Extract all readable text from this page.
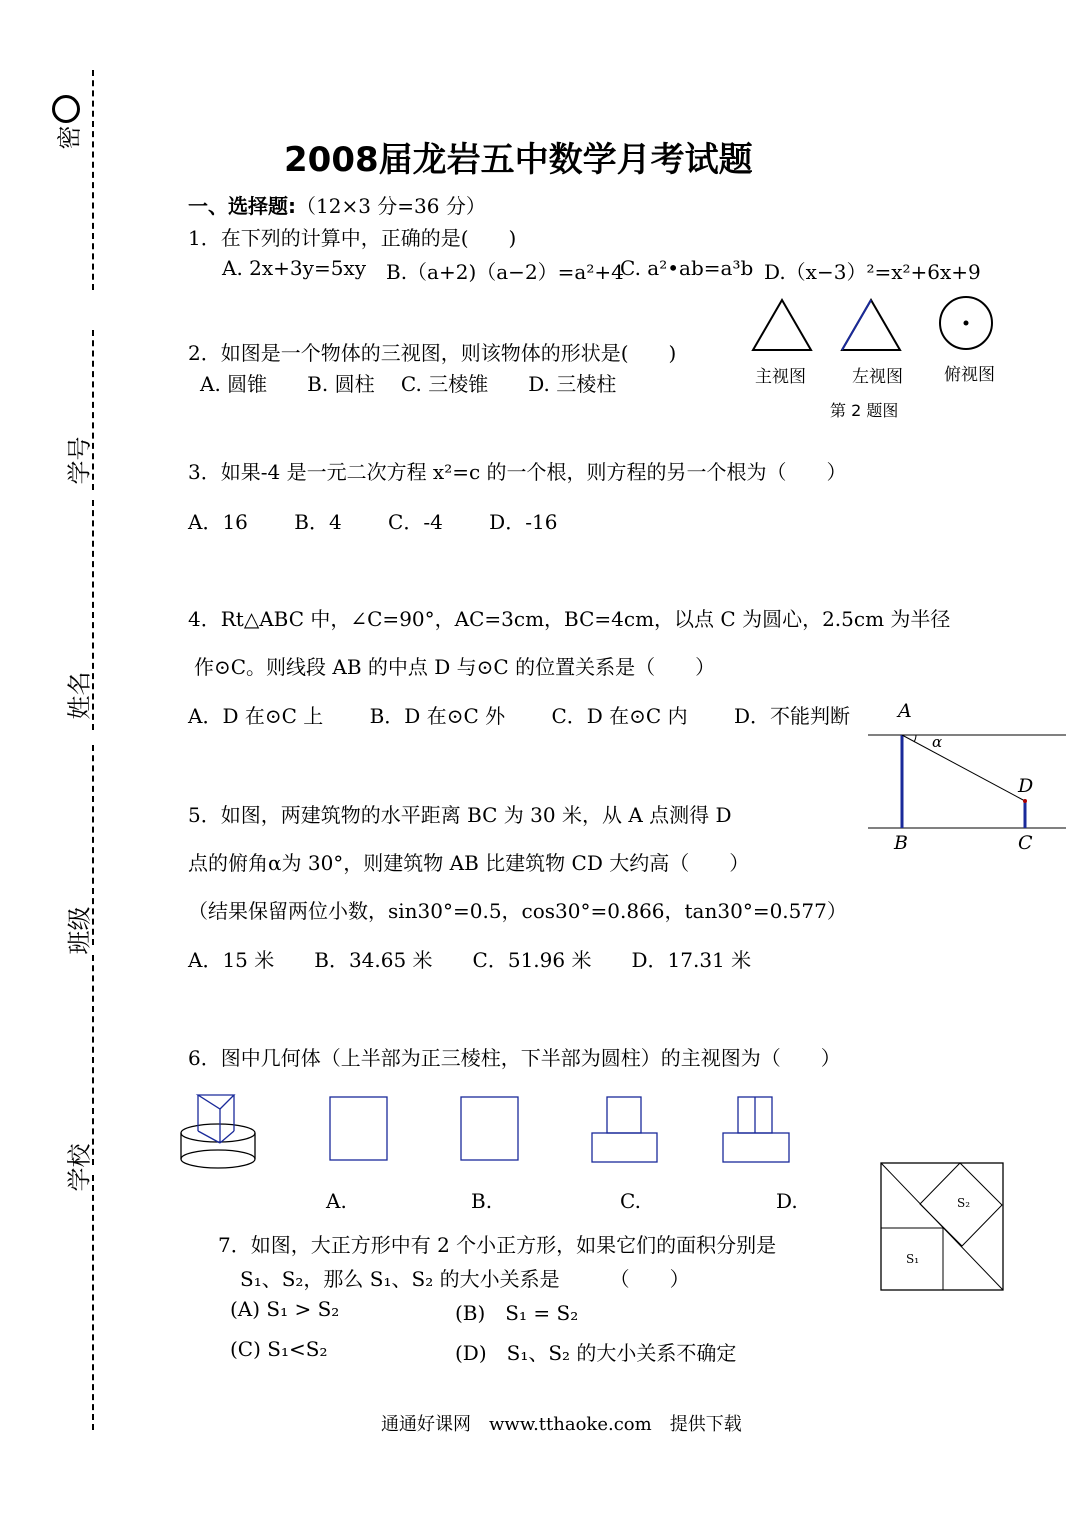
密
学号
姓名
班级
学校
2008届龙岩五中数学月考试题
一、选择题:（12×3 分=36 分）
1．在下列的计算中，正确的是(　　)
A. 2x+3y=5xy B.（a+2)（a−2）=a²+4
C. a²•ab=a³b D.（x−3）²=x²+6x+9
2．如图是一个物体的三视图，则该物体的形状是(　　)
A. 圆锥　　B. 圆柱　 C. 三棱锥　　D. 三棱柱	主视图	左视图 俯视图
第 2 题图
3．如果-4 是一元二次方程 x²=c 的一个根，则方程的另一个根为（　　）
A．16　　 B．4　　 C．-4　　 D．-16
4．Rt△ABC 中，∠C=90°，AC=3cm，BC=4cm，以点 C 为圆心，2.5cm 为半径
作⊙C。则线段 AB 的中点 D 与⊙C 的位置关系是（　　）
A．D 在⊙C 上　　 B．D 在⊙C 外　　 C．D 在⊙C 内　　 D．不能判断	A
α
D
B	C
5．如图，两建筑物的水平距离 BC 为 30 米，从 A 点测得 D
点的俯角α为 30°，则建筑物 AB 比建筑物 CD 大约高（　　）
（结果保留两位小数，sin30°=0.5，cos30°=0.866，tan30°=0.577）
A．15 米　　B．34.65 米　　C．51.96 米　　D．17.31 米
6．图中几何体（上半部为正三棱柱，下半部为圆柱）的主视图为（　　）
A.	B.	C.	D.	S₂
S₁
7．如图，大正方形中有 2 个小正方形，如果它们的面积分别是
S₁、S₂，那么 S₁、S₂ 的大小关系是　　　（　　）
(A) S₁ > S₂	(B)　S₁ = S₂
(C) S₁<S₂	(D)　S₁、S₂ 的大小关系不确定
通通好课网　www.tthaoke.com　提供下载
